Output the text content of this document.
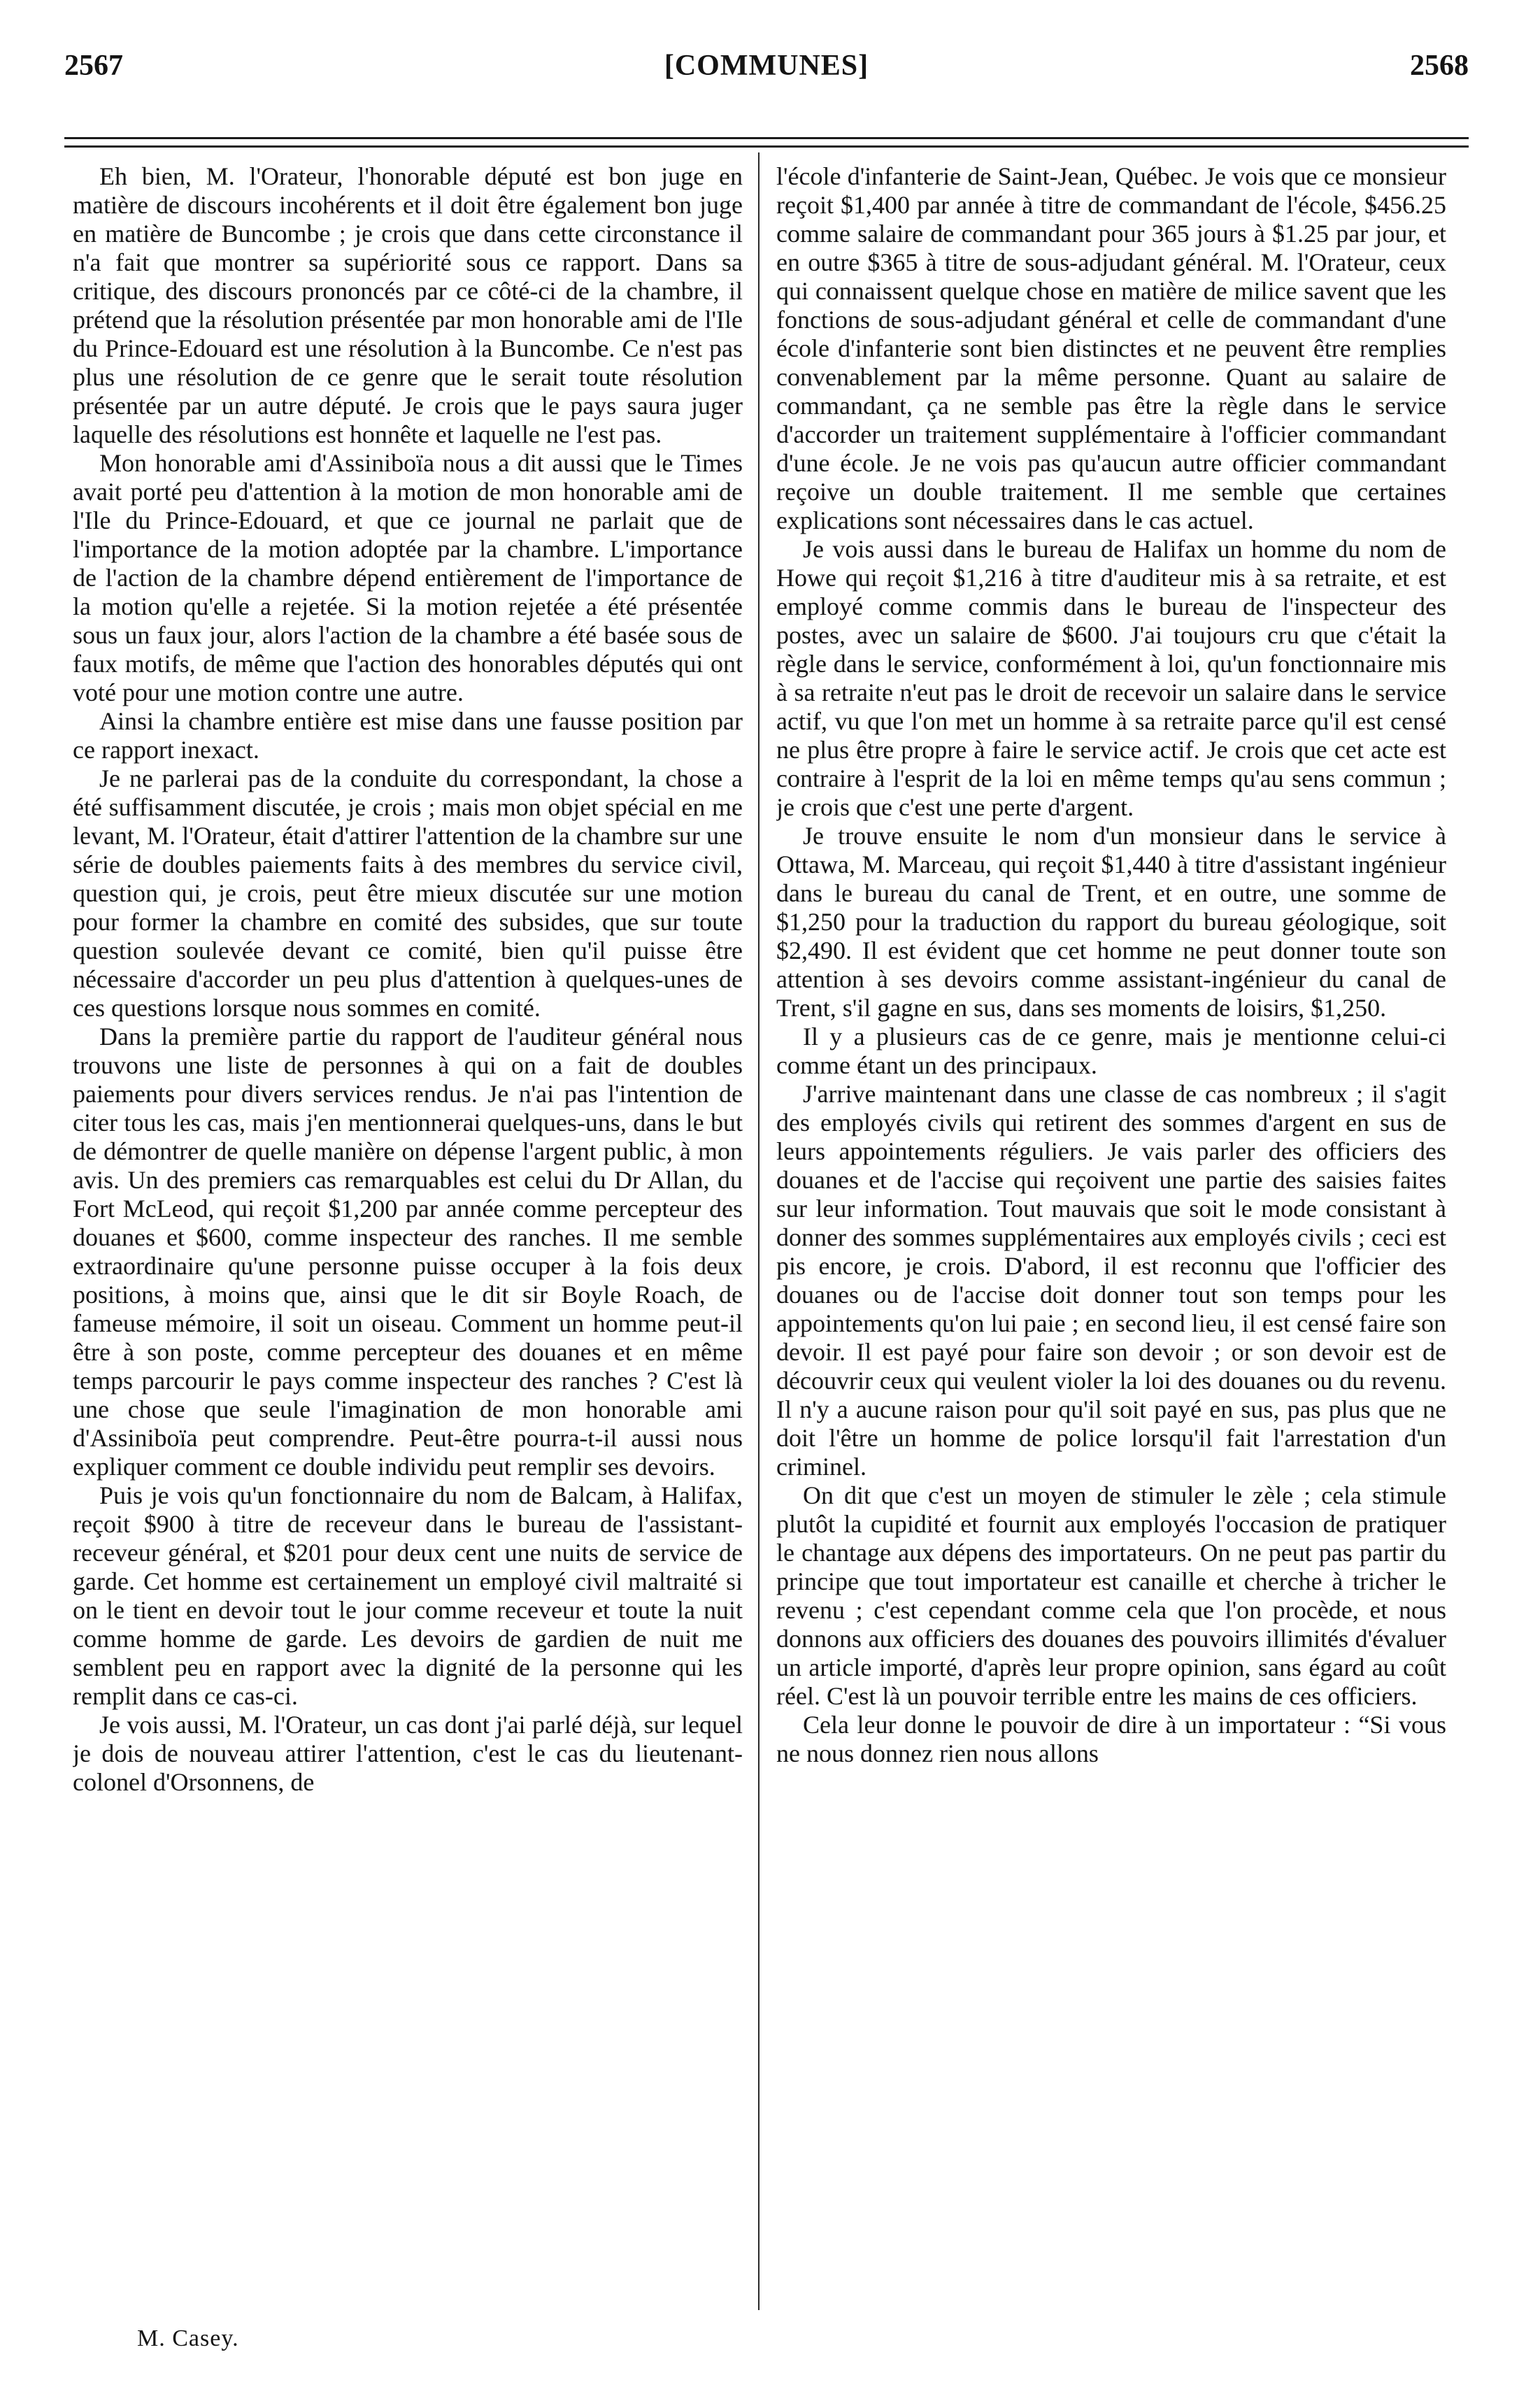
2567	[COMMUNES]	2568

Eh bien, M. l'Orateur, l'honorable député est bon juge en matière de discours incohérents et il doit être également bon juge en matière de Buncombe ; je crois que dans cette circonstance il n'a fait que montrer sa supériorité sous ce rapport. Dans sa critique, des discours prononcés par ce côté-ci de la chambre, il prétend que la résolution présentée par mon honorable ami de l'Ile du Prince-Edouard est une résolution à la Buncombe. Ce n'est pas plus une résolution de ce genre que le serait toute résolution présentée par un autre député. Je crois que le pays saura juger laquelle des résolutions est honnête et laquelle ne l'est pas.

Mon honorable ami d'Assiniboïa nous a dit aussi que le Times avait porté peu d'attention à la motion de mon honorable ami de l'Ile du Prince-Edouard, et que ce journal ne parlait que de l'importance de la motion adoptée par la chambre. L'importance de l'action de la chambre dépend entièrement de l'importance de la motion qu'elle a rejetée. Si la motion rejetée a été présentée sous un faux jour, alors l'action de la chambre a été basée sous de faux motifs, de même que l'action des honorables députés qui ont voté pour une motion contre une autre.

Ainsi la chambre entière est mise dans une fausse position par ce rapport inexact.

Je ne parlerai pas de la conduite du correspondant, la chose a été suffisamment discutée, je crois ; mais mon objet spécial en me levant, M. l'Orateur, était d'attirer l'attention de la chambre sur une série de doubles paiements faits à des membres du service civil, question qui, je crois, peut être mieux discutée sur une motion pour former la chambre en comité des subsides, que sur toute question soulevée devant ce comité, bien qu'il puisse être nécessaire d'accorder un peu plus d'attention à quelques-unes de ces questions lorsque nous sommes en comité.

Dans la première partie du rapport de l'auditeur général nous trouvons une liste de personnes à qui on a fait de doubles paiements pour divers services rendus. Je n'ai pas l'intention de citer tous les cas, mais j'en mentionnerai quelques-uns, dans le but de démontrer de quelle manière on dépense l'argent public, à mon avis. Un des premiers cas remarquables est celui du Dr Allan, du Fort McLeod, qui reçoit $1,200 par année comme percepteur des douanes et $600, comme inspecteur des ranches. Il me semble extraordinaire qu'une personne puisse occuper à la fois deux positions, à moins que, ainsi que le dit sir Boyle Roach, de fameuse mémoire, il soit un oiseau. Comment un homme peut-il être à son poste, comme percepteur des douanes et en même temps parcourir le pays comme inspecteur des ranches ? C'est là une chose que seule l'imagination de mon honorable ami d'Assiniboïa peut comprendre. Peut-être pourra-t-il aussi nous expliquer comment ce double individu peut remplir ses devoirs.

Puis je vois qu'un fonctionnaire du nom de Balcam, à Halifax, reçoit $900 à titre de receveur dans le bureau de l'assistant-receveur général, et $201 pour deux cent une nuits de service de garde. Cet homme est certainement un employé civil maltraité si on le tient en devoir tout le jour comme receveur et toute la nuit comme homme de garde. Les devoirs de gardien de nuit me semblent peu en rapport avec la dignité de la personne qui les remplit dans ce cas-ci.

Je vois aussi, M. l'Orateur, un cas dont j'ai parlé déjà, sur lequel je dois de nouveau attirer l'attention, c'est le cas du lieutenant-colonel d'Orsonnens, de

l'école d'infanterie de Saint-Jean, Québec. Je vois que ce monsieur reçoit $1,400 par année à titre de commandant de l'école, $456.25 comme salaire de commandant pour 365 jours à $1.25 par jour, et en outre $365 à titre de sous-adjudant général. M. l'Orateur, ceux qui connaissent quelque chose en matière de milice savent que les fonctions de sous-adjudant général et celle de commandant d'une école d'infanterie sont bien distinctes et ne peuvent être remplies convenablement par la même personne. Quant au salaire de commandant, ça ne semble pas être la règle dans le service d'accorder un traitement supplémentaire à l'officier commandant d'une école. Je ne vois pas qu'aucun autre officier commandant reçoive un double traitement. Il me semble que certaines explications sont nécessaires dans le cas actuel.

Je vois aussi dans le bureau de Halifax un homme du nom de Howe qui reçoit $1,216 à titre d'auditeur mis à sa retraite, et est employé comme commis dans le bureau de l'inspecteur des postes, avec un salaire de $600. J'ai toujours cru que c'était la règle dans le service, conformément à loi, qu'un fonctionnaire mis à sa retraite n'eut pas le droit de recevoir un salaire dans le service actif, vu que l'on met un homme à sa retraite parce qu'il est censé ne plus être propre à faire le service actif. Je crois que cet acte est contraire à l'esprit de la loi en même temps qu'au sens commun ; je crois que c'est une perte d'argent.

Je trouve ensuite le nom d'un monsieur dans le service à Ottawa, M. Marceau, qui reçoit $1,440 à titre d'assistant ingénieur dans le bureau du canal de Trent, et en outre, une somme de $1,250 pour la traduction du rapport du bureau géologique, soit $2,490. Il est évident que cet homme ne peut donner toute son attention à ses devoirs comme assistant-ingénieur du canal de Trent, s'il gagne en sus, dans ses moments de loisirs, $1,250.

Il y a plusieurs cas de ce genre, mais je mentionne celui-ci comme étant un des principaux.

J'arrive maintenant dans une classe de cas nombreux ; il s'agit des employés civils qui retirent des sommes d'argent en sus de leurs appointements réguliers. Je vais parler des officiers des douanes et de l'accise qui reçoivent une partie des saisies faites sur leur information. Tout mauvais que soit le mode consistant à donner des sommes supplémentaires aux employés civils ; ceci est pis encore, je crois. D'abord, il est reconnu que l'officier des douanes ou de l'accise doit donner tout son temps pour les appointements qu'on lui paie ; en second lieu, il est censé faire son devoir. Il est payé pour faire son devoir ; or son devoir est de découvrir ceux qui veulent violer la loi des douanes ou du revenu. Il n'y a aucune raison pour qu'il soit payé en sus, pas plus que ne doit l'être un homme de police lorsqu'il fait l'arrestation d'un criminel.

On dit que c'est un moyen de stimuler le zèle ; cela stimule plutôt la cupidité et fournit aux employés l'occasion de pratiquer le chantage aux dépens des importateurs. On ne peut pas partir du principe que tout importateur est canaille et cherche à tricher le revenu ; c'est cependant comme cela que l'on procède, et nous donnons aux officiers des douanes des pouvoirs illimités d'évaluer un article importé, d'après leur propre opinion, sans égard au coût réel. C'est là un pouvoir terrible entre les mains de ces officiers.

Cela leur donne le pouvoir de dire à un importateur : “Si vous ne nous donnez rien nous allons

M. Casey.
